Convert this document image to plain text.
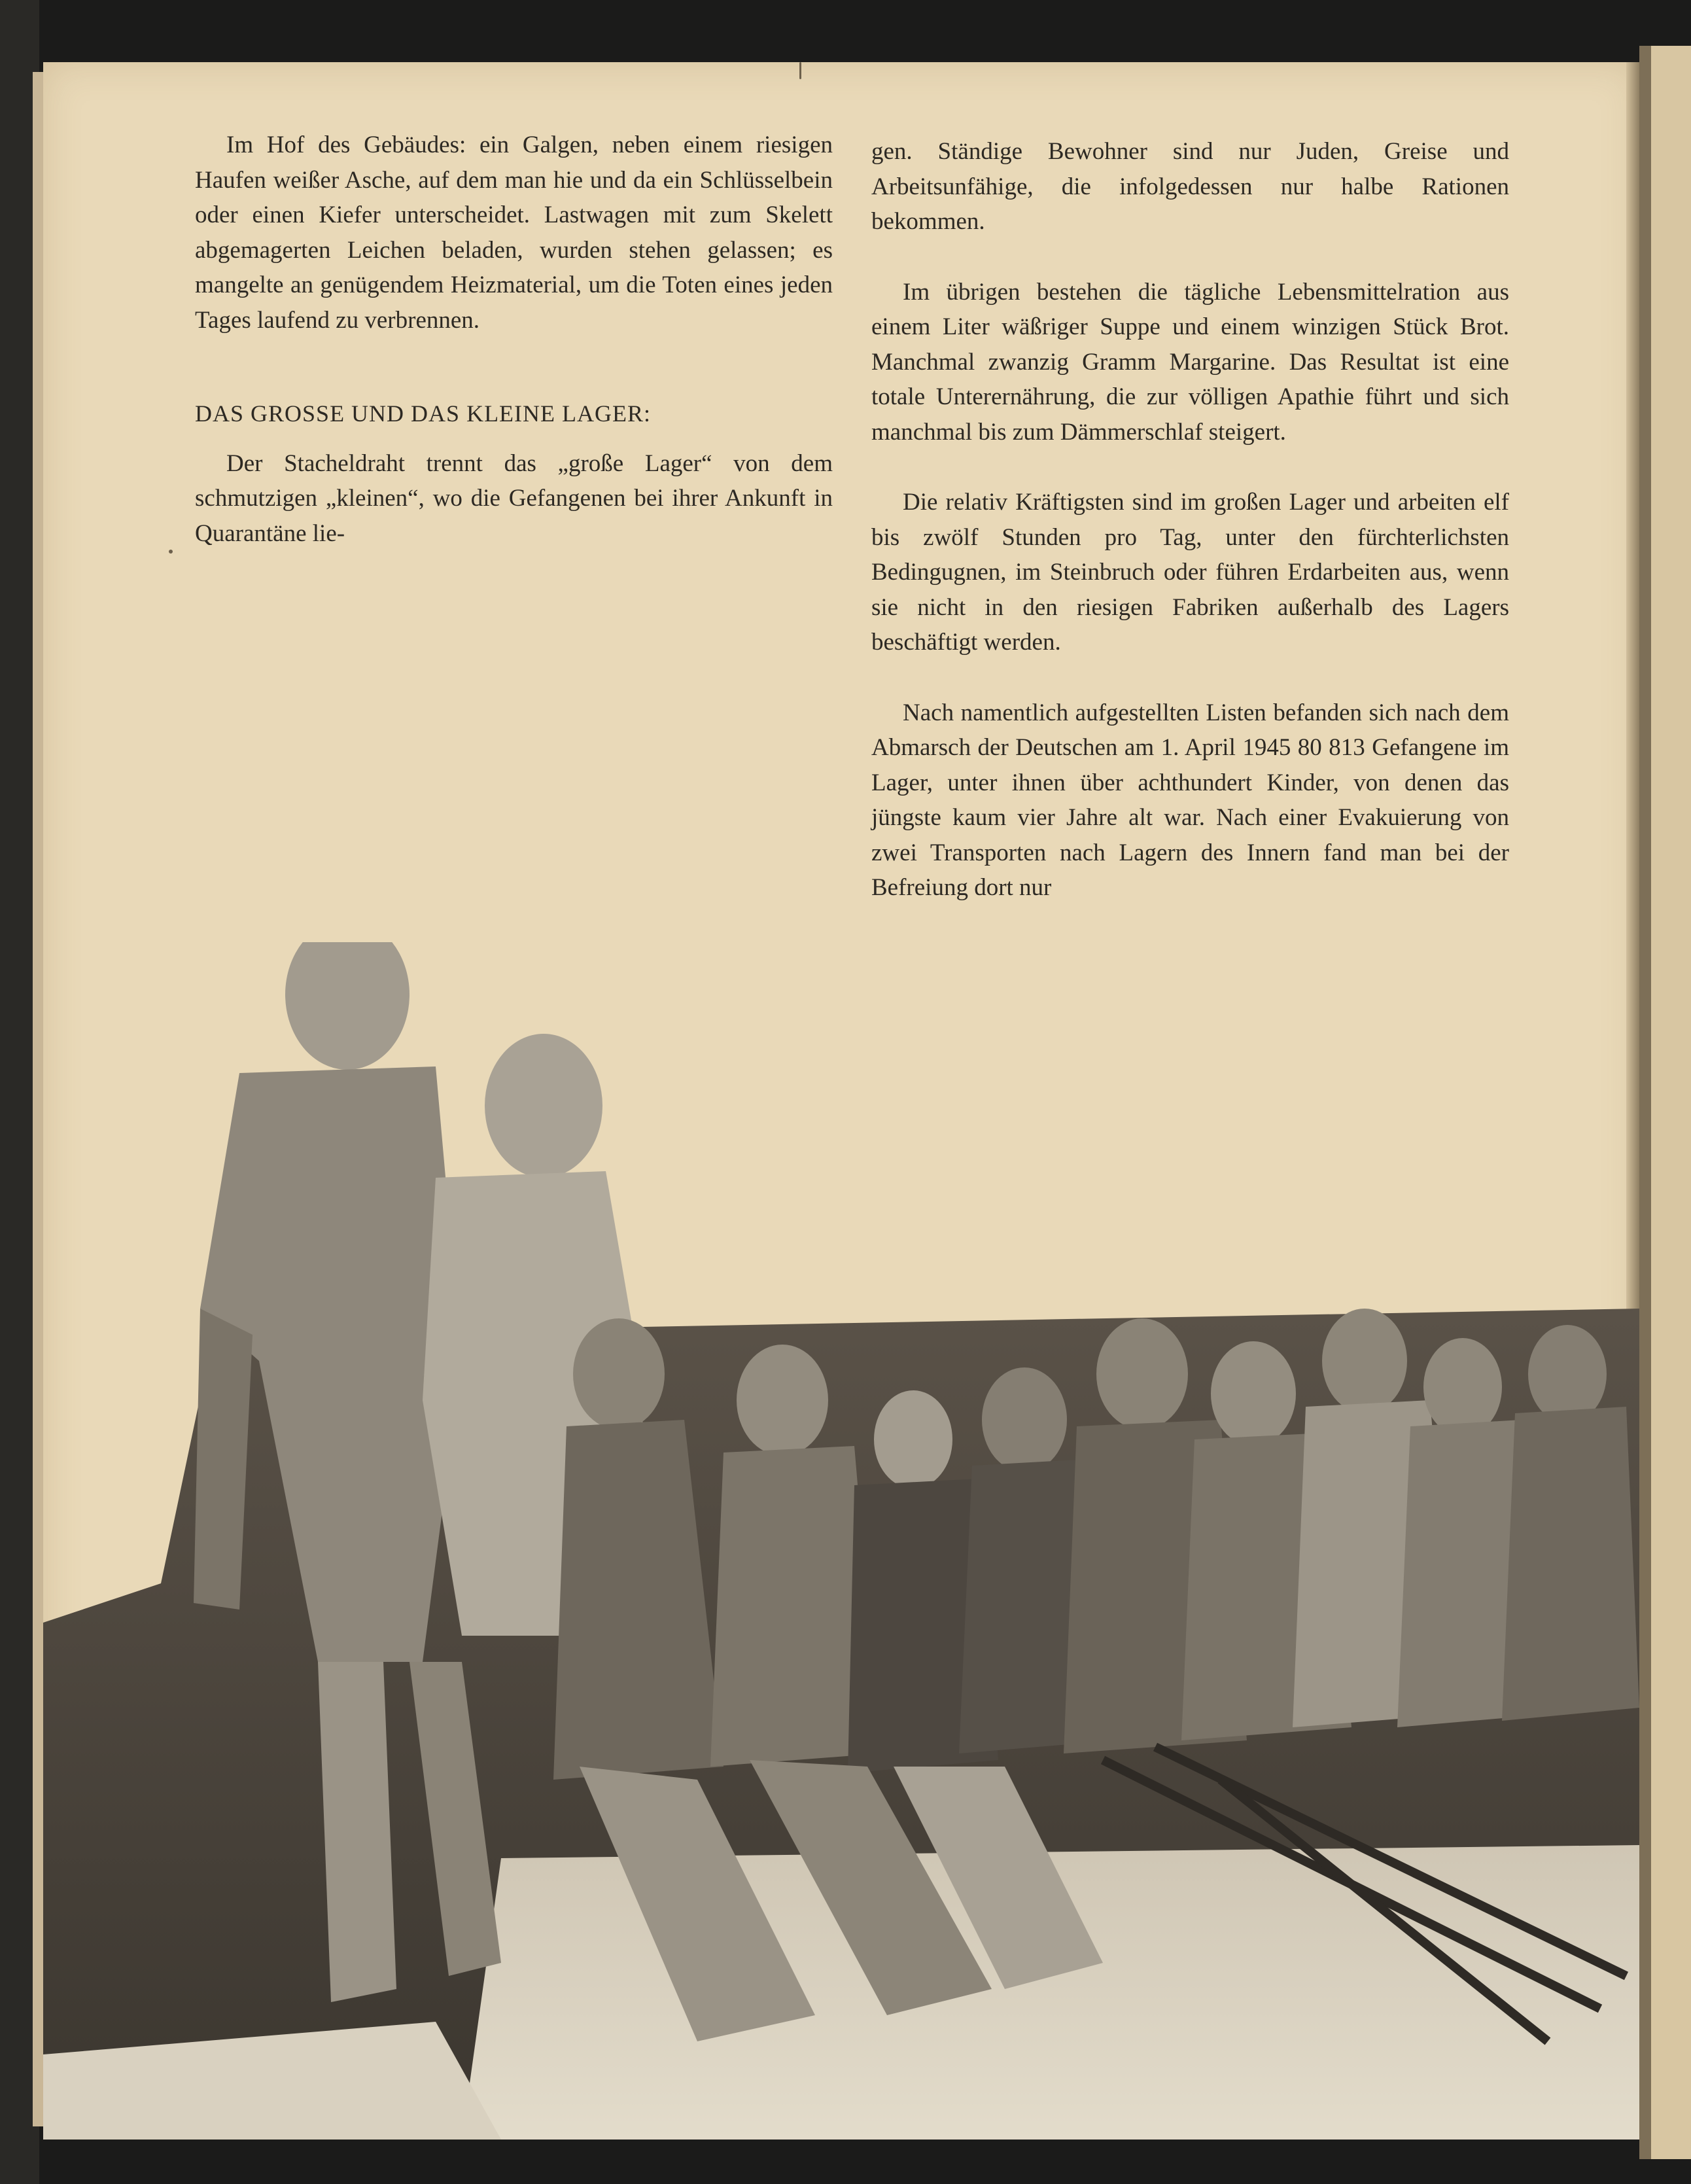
Im Hof des Gebäudes: ein Galgen, neben einem riesigen Haufen weißer Asche, auf dem man hie und da ein Schlüsselbein oder einen Kiefer unterscheidet. Lastwagen mit zum Skelett abgemagerten Leichen beladen, wurden stehen gelassen; es mangelte an genügendem Heizmaterial, um die Toten eines jeden Tages laufend zu verbrennen.

DAS GROSSE UND DAS KLEINE LAGER:

Der Stacheldraht trennt das „große Lager“ von dem schmutzigen „kleinen“, wo die Gefangenen bei ihrer Ankunft in Quarantäne lie-

gen. Ständige Bewohner sind nur Juden, Greise und Arbeitsunfähige, die infolgedessen nur halbe Rationen bekommen.

Im übrigen bestehen die tägliche Lebensmittelration aus einem Liter wäßriger Suppe und einem winzigen Stück Brot. Manchmal zwanzig Gramm Margarine. Das Resultat ist eine totale Unterernährung, die zur völligen Apathie führt und sich manchmal bis zum Dämmerschlaf steigert.

Die relativ Kräftigsten sind im großen Lager und arbeiten elf bis zwölf Stunden pro Tag, unter den fürchterlichsten Bedingugnen, im Steinbruch oder führen Erdarbeiten aus, wenn sie nicht in den riesigen Fabriken außerhalb des Lagers beschäftigt werden.

Nach namentlich aufgestellten Listen befanden sich nach dem Abmarsch der Deutschen am 1. April 1945 80 813 Gefangene im Lager, unter ihnen über achthundert Kinder, von denen das jüngste kaum vier Jahre alt war. Nach einer Evakuierung von zwei Transporten nach Lagern des Innern fand man bei der Befreiung dort nur
